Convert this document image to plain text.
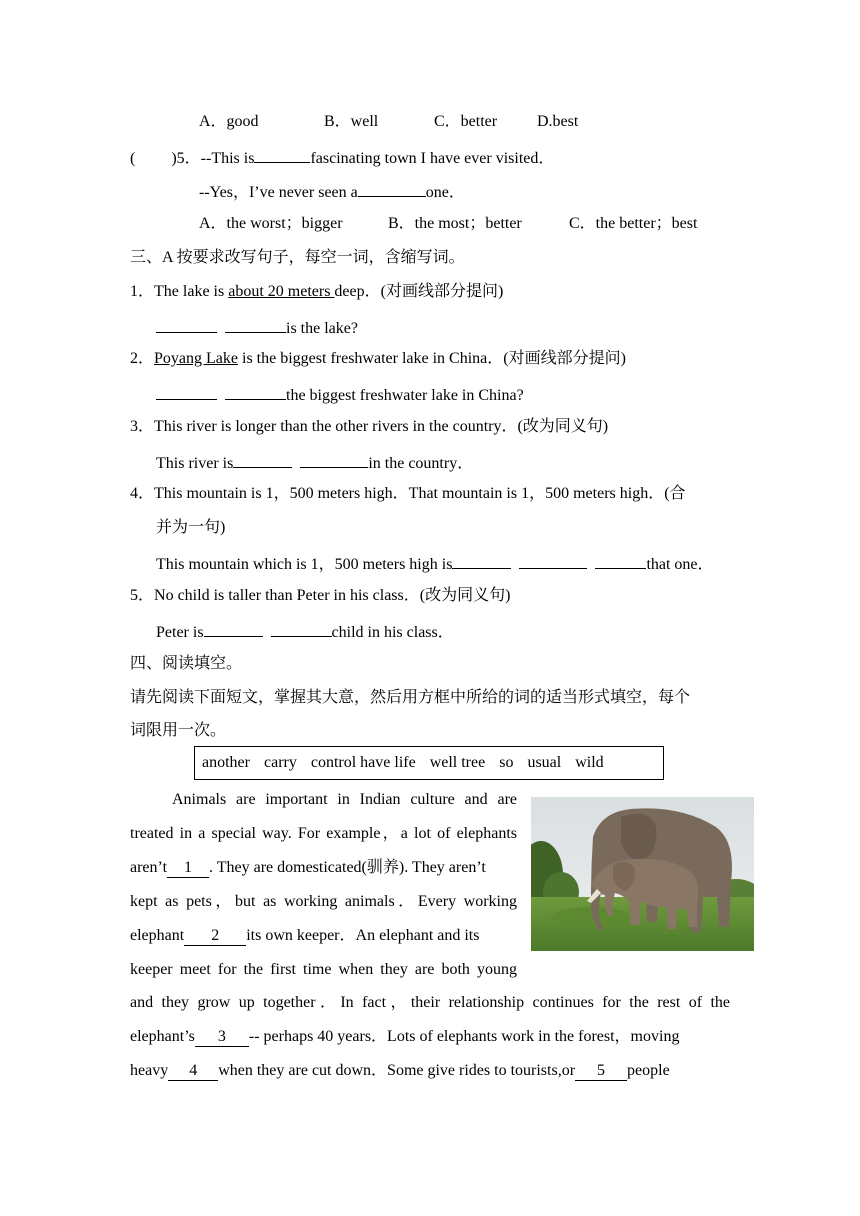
A．good	B．well	C．better D.best
( )5．--This is	fascinating town I have ever visited．
--Yes，I’ve never seen a	one．
A．the worst；bigger	B．the most；better	C．the better；best
三、A 按要求改写句子，每空一词，含缩写词。
1．The lake is about 20 meters deep．(对画线部分提问)
is the lake?
2．Poyang Lake is the biggest freshwater lake in China．(对画线部分提问)
the biggest freshwater lake in China?
3．This river is longer than the other rivers in the country．(改为同义句)
This river is	in the country．
4．This mountain is 1，500 meters high．That mountain is 1，500 meters high．(合
并为一句)
This mountain which is 1，500 meters high is	that one．
5．No child is taller than Peter in his class．(改为同义句)
Peter is	child in his class．
四、阅读填空。
请先阅读下面短文，掌握其大意，然后用方框中所给的词的适当形式填空，每个
词限用一次。
another carry control have life well tree so usual wild
Animals are important in Indian culture and are
treated in a special way. For example，a lot of elephants
aren’t 1 . They are domesticated(驯养). They aren’t
kept as pets，but as working animals．Every working
elephant 2 its own keeper．An elephant and its
keeper meet for the first time when they are both young
and they grow up together．In fact，their relationship continues for the rest of the
elephant’s 3 -- perhaps 40 years．Lots of elephants work in the forest，moving
heavy 4 when they are cut down．Some give rides to tourists,or 5 people
